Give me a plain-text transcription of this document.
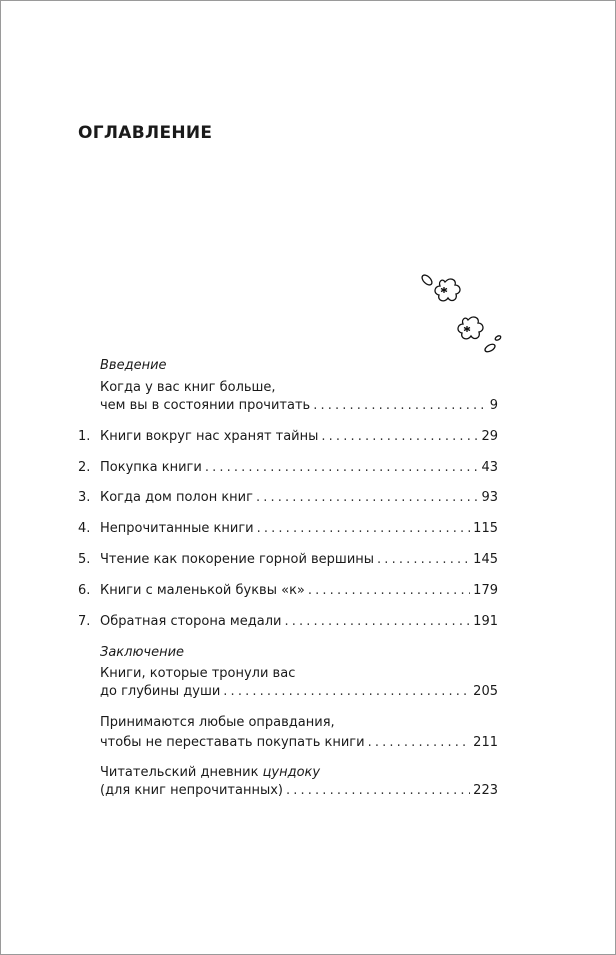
ОГЛАВЛЕНИЕ
Введение
Когда у вас книг больше,
чем вы в состоянии прочитать . . .	9
1. Книги вокруг нас хранят тайны . . .	29
2. Покупка книги . . .	43
3. Когда дом полон книг . . .	93
4. Непрочитанные книги . . .	115
5. Чтение как покорение горной вершины . . .	145
6. Книги с маленькой буквы «к» . . .	179
7. Обратная сторона медали . . .	191
Заключение
Книги, которые тронули вас
до глубины души . . .	205
Принимаются любые оправдания,
чтобы не переставать покупать книги . . .	211
Читательский дневник цундоку
(для книг непрочитанных) . . .	223
